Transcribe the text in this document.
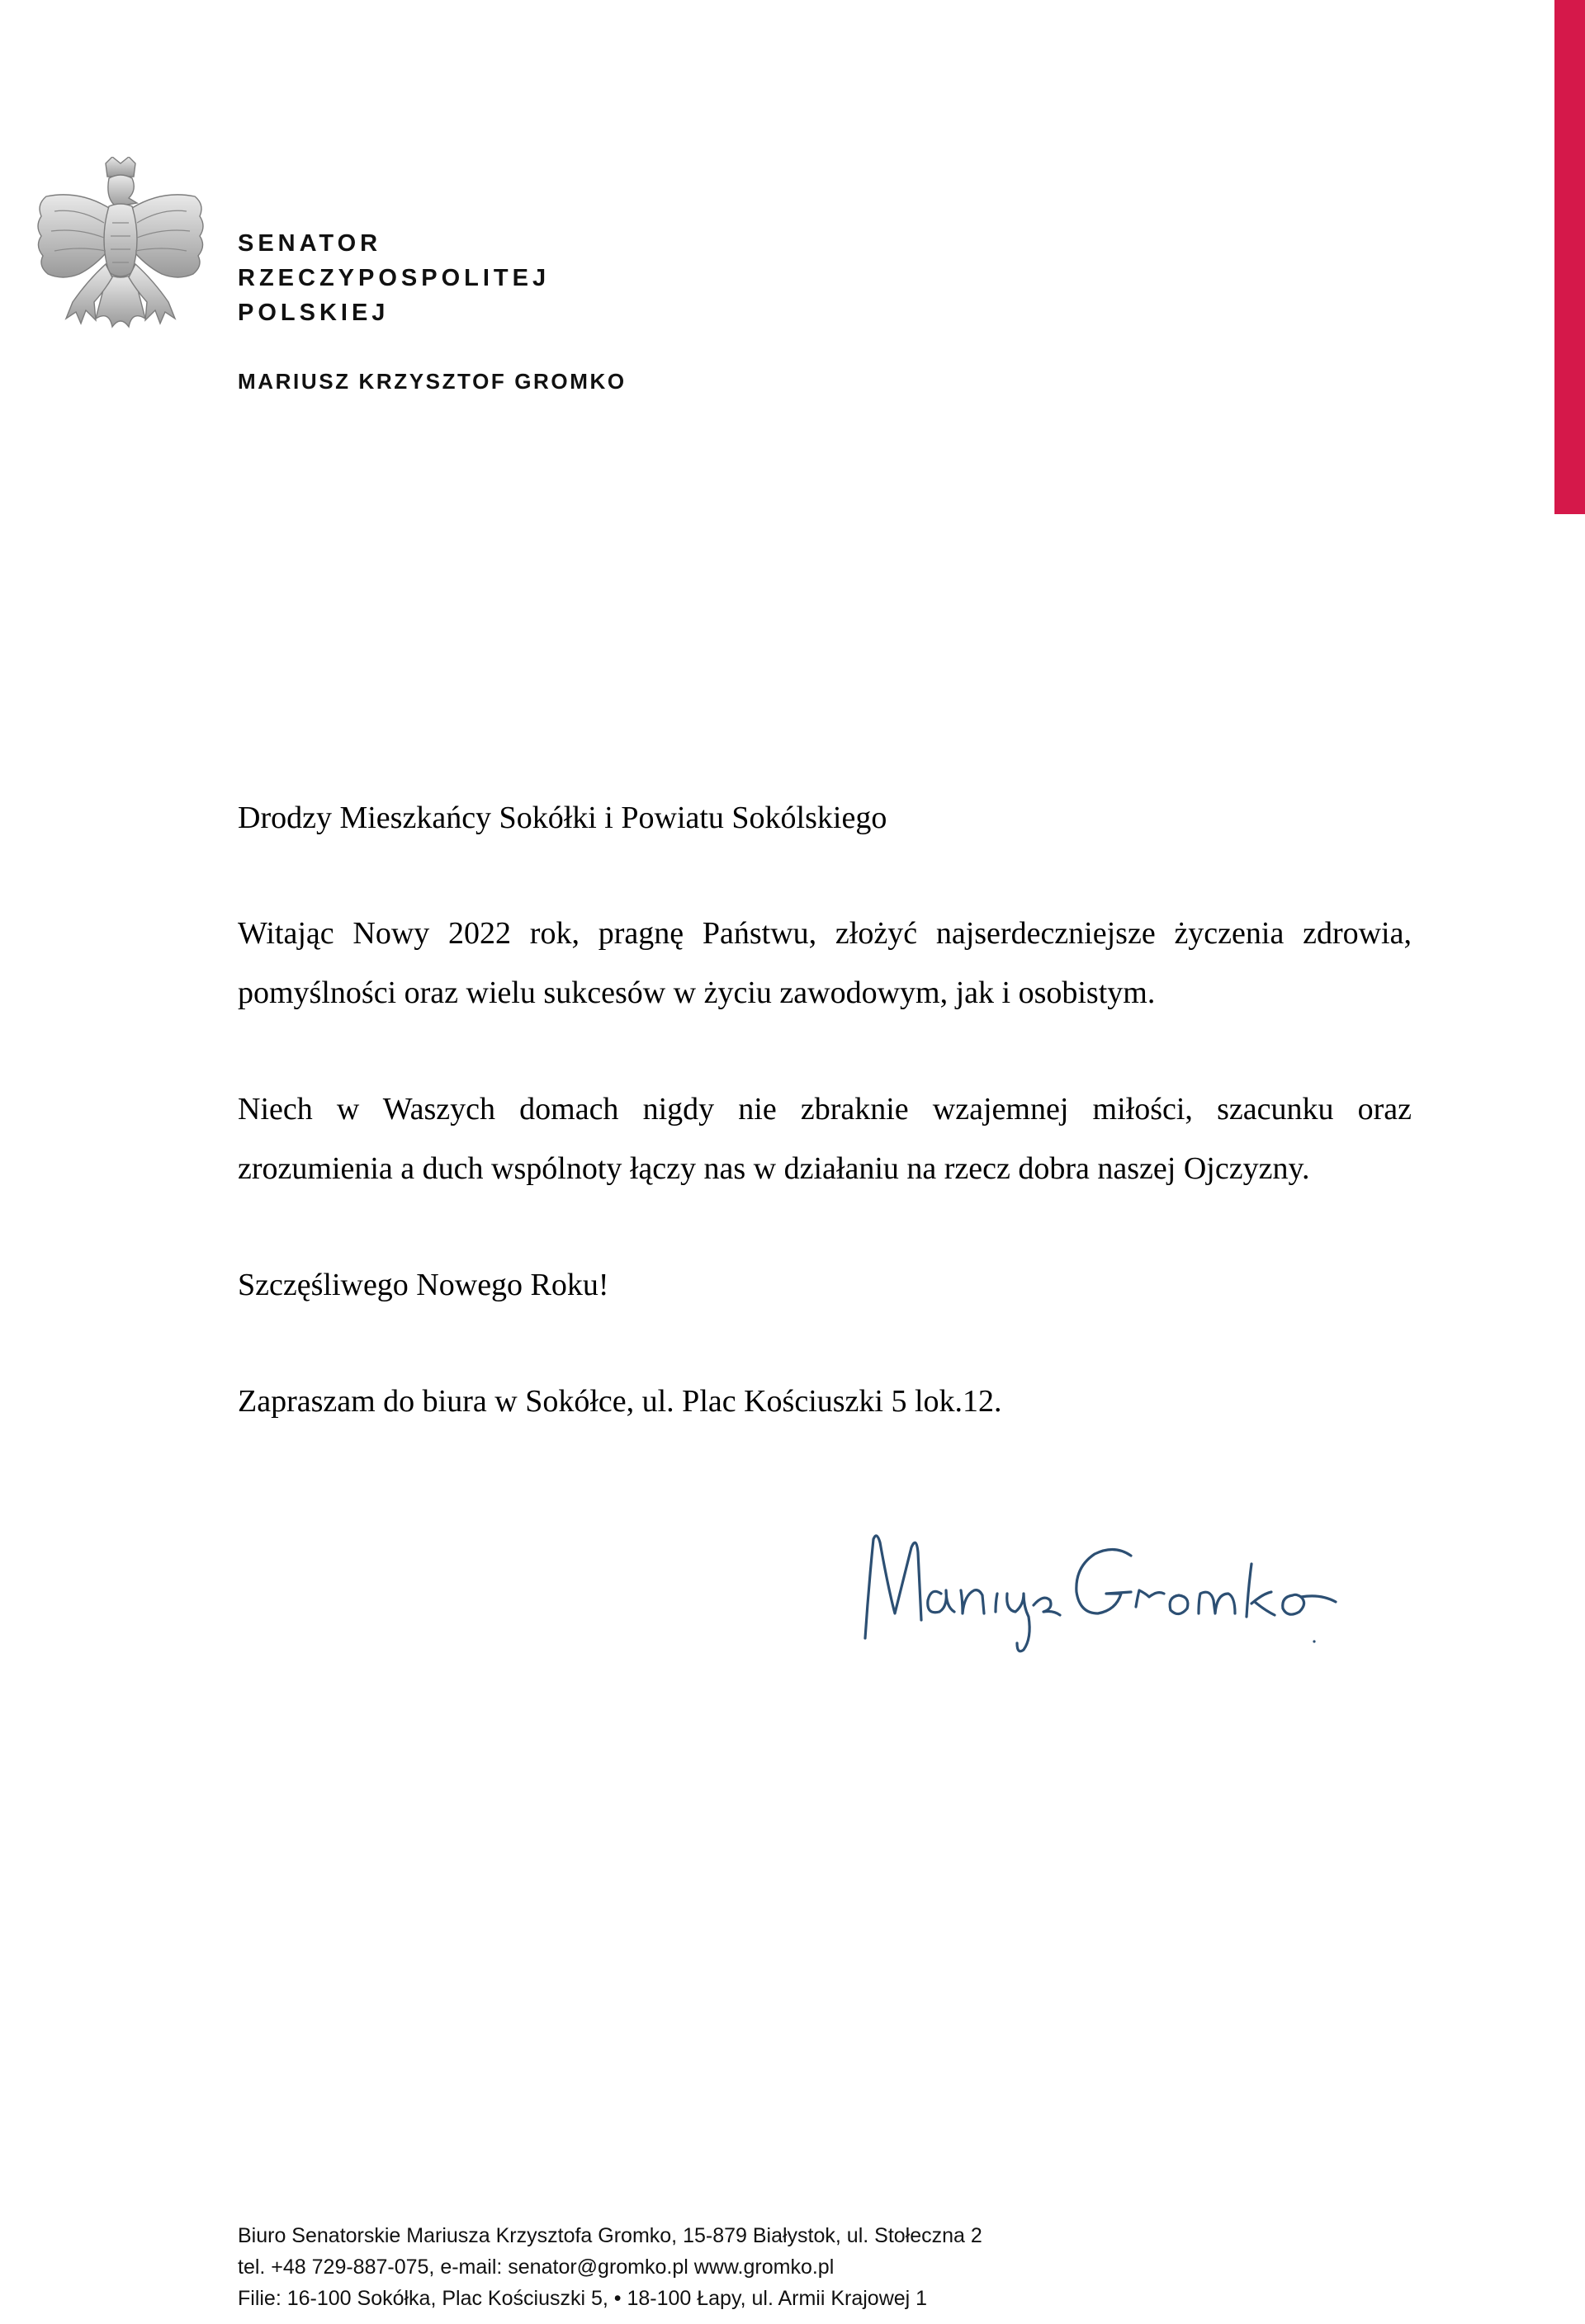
SENATOR
RZECZYPOSPOLITEJ
POLSKIEJ
MARIUSZ KRZYSZTOF GROMKO

Drodzy Mieszkańcy Sokółki i Powiatu Sokólskiego

Witając Nowy 2022 rok, pragnę Państwu, złożyć najserdeczniejsze życzenia zdrowia, pomyślności oraz wielu sukcesów w życiu zawodowym, jak i osobistym.

Niech w Waszych domach nigdy nie zbraknie wzajemnej miłości, szacunku oraz zrozumienia a duch wspólnoty łączy nas w działaniu na rzecz dobra naszej Ojczyzny.

Szczęśliwego Nowego Roku!

Zapraszam do biura w Sokółce, ul. Plac Kościuszki 5 lok.12.

Biuro Senatorskie Mariusza Krzysztofa Gromko, 15-879 Białystok, ul. Stołeczna 2
tel. +48 729-887-075, e-mail: senator@gromko.pl www.gromko.pl
Filie: 16-100 Sokółka, Plac Kościuszki 5, • 18-100 Łapy, ul. Armii Krajowej 1
